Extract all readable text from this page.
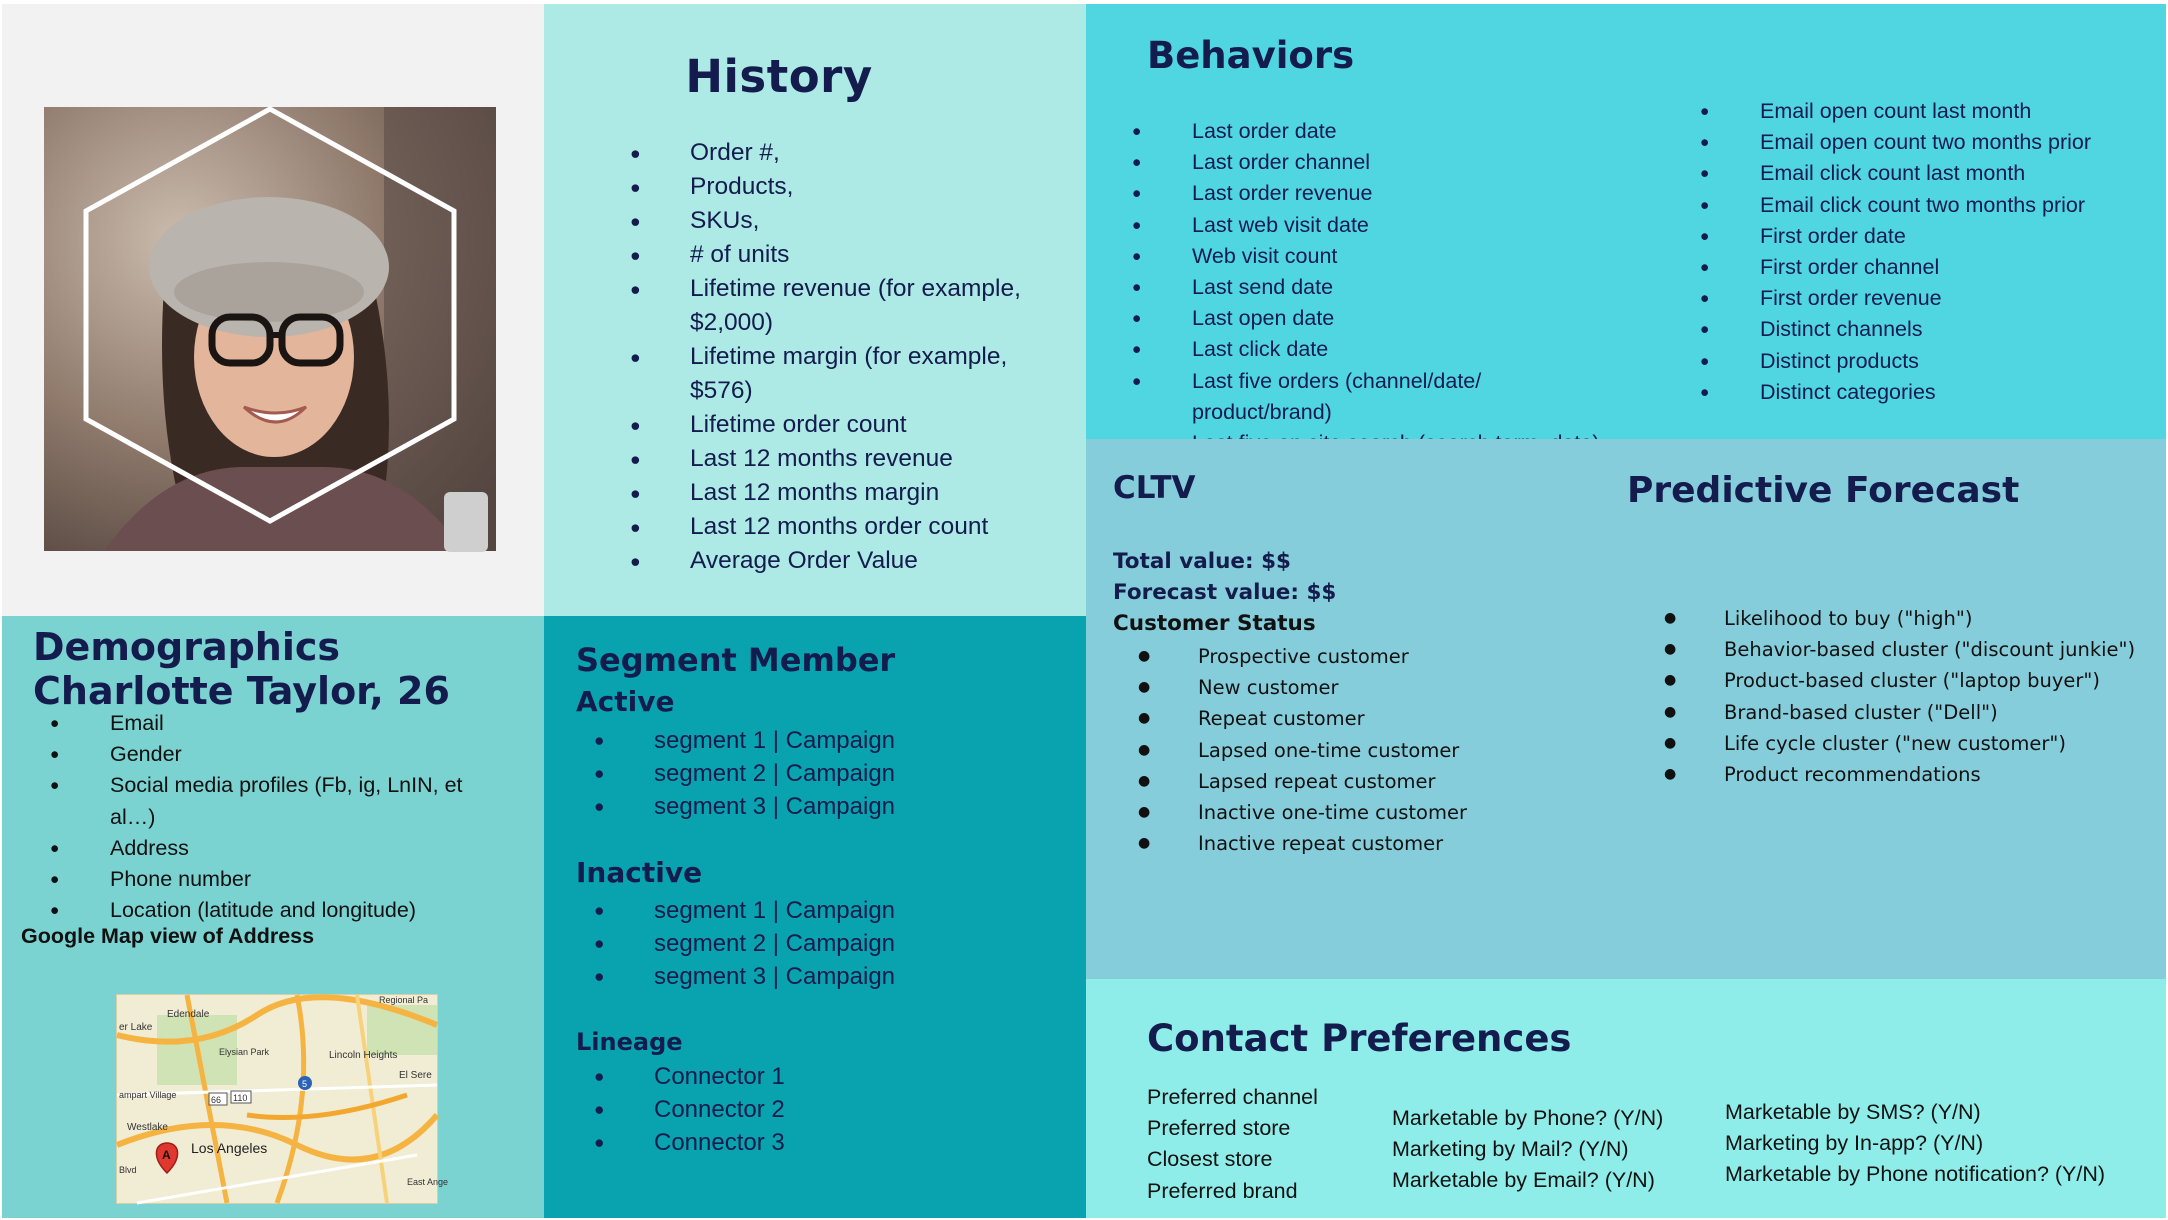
History
● Order #,
● Products,
● SKUs,
● # of units
● Lifetime revenue (for example, $2,000)
● Lifetime margin (for example, $576)
● Lifetime order count
● Last 12 months revenue
● Last 12 months margin
● Last 12 months order count
● Average Order Value
Behaviors
● Last order date
● Last order channel
● Last order revenue
● Last web visit date
● Web visit count
● Last send date
● Last open date
● Last click date
● Last five orders (channel/date/ product/brand)
●
● Email open count last month
● Email open count two months prior
● Email click count last month
● Email click count two months prior
● First order date
● First order channel
● First order revenue
● Distinct channels
● Distinct products
● Distinct categories
Demographics
Charlotte Taylor, 26
● Email
● Gender
● Social media profiles (Fb, ig, LnIN, et al…)
● Address
● Phone number
● Location (latitude and longitude)
Google Map view of Address
Edendale
er Lake
Elysian Park	Lincoln Heights
El Sere
ampart Village
Westlake
Los Angeles
Regional Pa
East Ange
Blvd
66 110
5
A
Segment Member
Active
● segment 1 | Campaign
● segment 2 | Campaign
● segment 3 | Campaign
Inactive
● segment 1 | Campaign
● segment 2 | Campaign
● segment 3 | Campaign
Lineage
● Connector 1
● Connector 2
● Connector 3
CLTV
Total value: $$
Forecast value: $$
Customer Status
● Prospective customer
● New customer
● Repeat customer
● Lapsed one-time customer
● Lapsed repeat customer
● Inactive one-time customer
● Inactive repeat customer
Predictive Forecast
● Likelihood to buy ("high")
● Behavior-based cluster ("discount junkie")
● Product-based cluster ("laptop buyer")
● Brand-based cluster ("Dell")
● Life cycle cluster ("new customer")
● Product recommendations
Contact Preferences
Preferred channel
Preferred store
Closest store
Preferred brand
Marketable by Phone? (Y/N)
Marketing by Mail? (Y/N)
Marketable by Email? (Y/N)
Marketable by SMS? (Y/N)
Marketing by In-app? (Y/N)
Marketable by Phone notification? (Y/N)
